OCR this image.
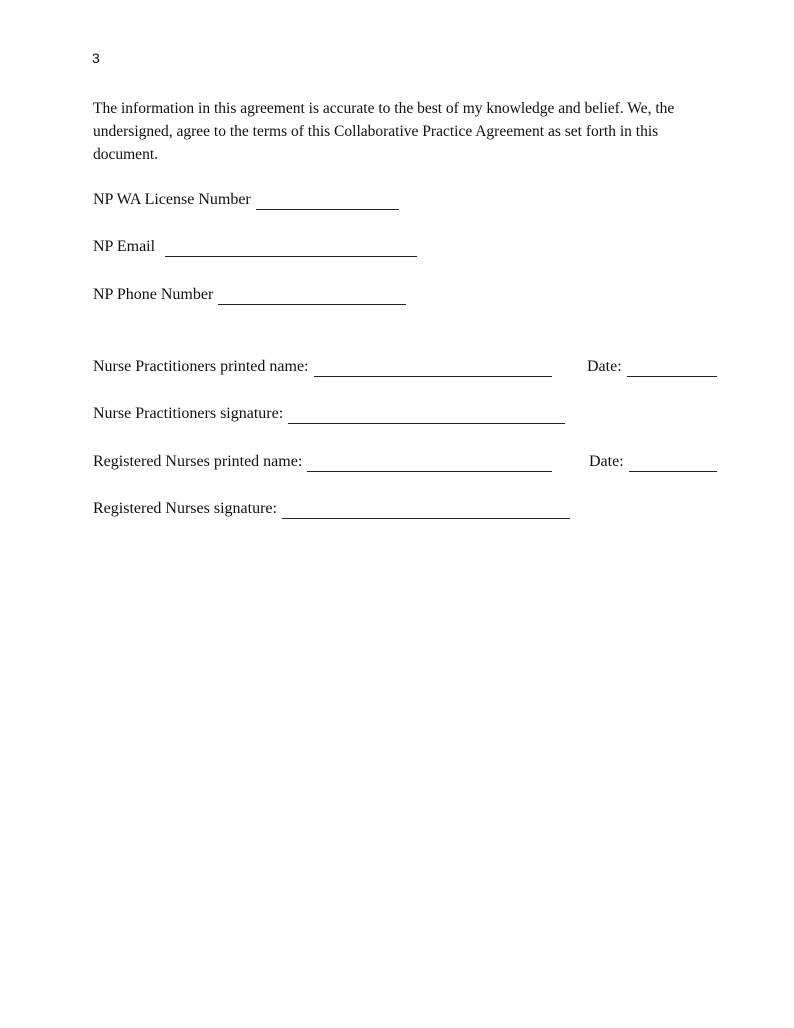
3

The information in this agreement is accurate to the best of my knowledge and belief. We, the undersigned, agree to the terms of this Collaborative Practice Agreement as set forth in this document.

NP WA License Number
NP Email
NP Phone Number
Nurse Practitioners printed name:	Date:
Nurse Practitioners signature:
Registered Nurses printed name:	Date:
Registered Nurses signature:
